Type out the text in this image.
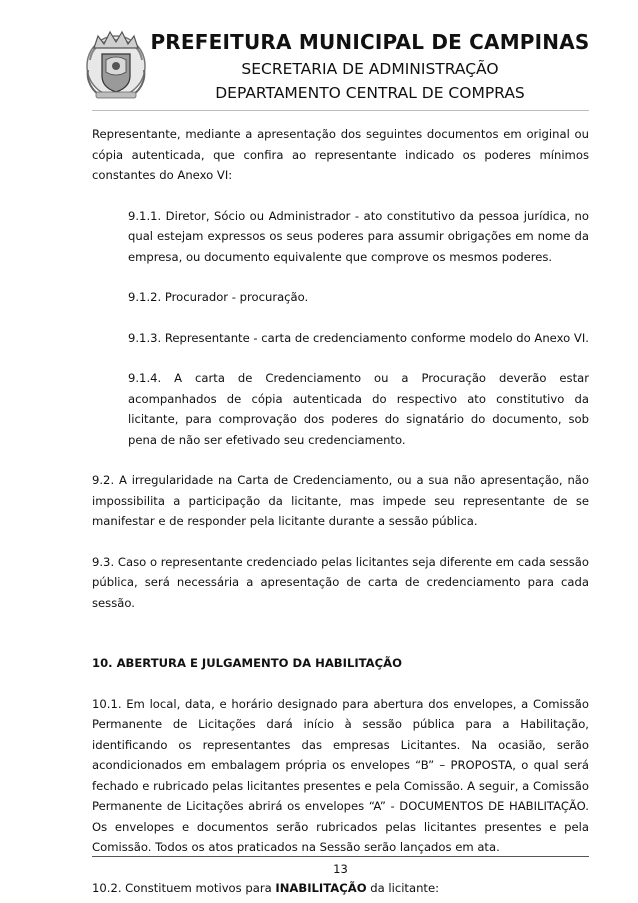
PREFEITURA MUNICIPAL DE CAMPINAS
SECRETARIA DE ADMINISTRAÇÃO
DEPARTAMENTO CENTRAL DE COMPRAS

Representante, mediante a apresentação dos seguintes documentos em original ou cópia autenticada, que confira ao representante indicado os poderes mínimos constantes do Anexo VI:

9.1.1. Diretor, Sócio ou Administrador - ato constitutivo da pessoa jurídica, no qual estejam expressos os seus poderes para assumir obrigações em nome da empresa, ou documento equivalente que comprove os mesmos poderes.

9.1.2. Procurador - procuração.

9.1.3. Representante - carta de credenciamento conforme modelo do Anexo VI.

9.1.4. A carta de Credenciamento ou a Procuração deverão estar acompanhados de cópia autenticada do respectivo ato constitutivo da licitante, para comprovação dos poderes do signatário do documento, sob pena de não ser efetivado seu credenciamento.

9.2. A irregularidade na Carta de Credenciamento, ou a sua não apresentação, não impossibilita a participação da licitante, mas impede seu representante de se manifestar e de responder pela licitante durante a sessão pública.

9.3. Caso o representante credenciado pelas licitantes seja diferente em cada sessão pública, será necessária a apresentação de carta de credenciamento para cada sessão.

10. ABERTURA E JULGAMENTO DA HABILITAÇÃO

10.1. Em local, data, e horário designado para abertura dos envelopes, a Comissão Permanente de Licitações dará início à sessão pública para a Habilitação, identificando os representantes das empresas Licitantes. Na ocasião, serão acondicionados em embalagem própria os envelopes “B” – PROPOSTA, o qual será fechado e rubricado pelas licitantes presentes e pela Comissão. A seguir, a Comissão Permanente de Licitações abrirá os envelopes “A” - DOCUMENTOS DE HABILITAÇÃO. Os envelopes e documentos serão rubricados pelas licitantes presentes e pela Comissão. Todos os atos praticados na Sessão serão lançados em ata.

10.2. Constituem motivos para INABILITAÇÃO da licitante:

13
